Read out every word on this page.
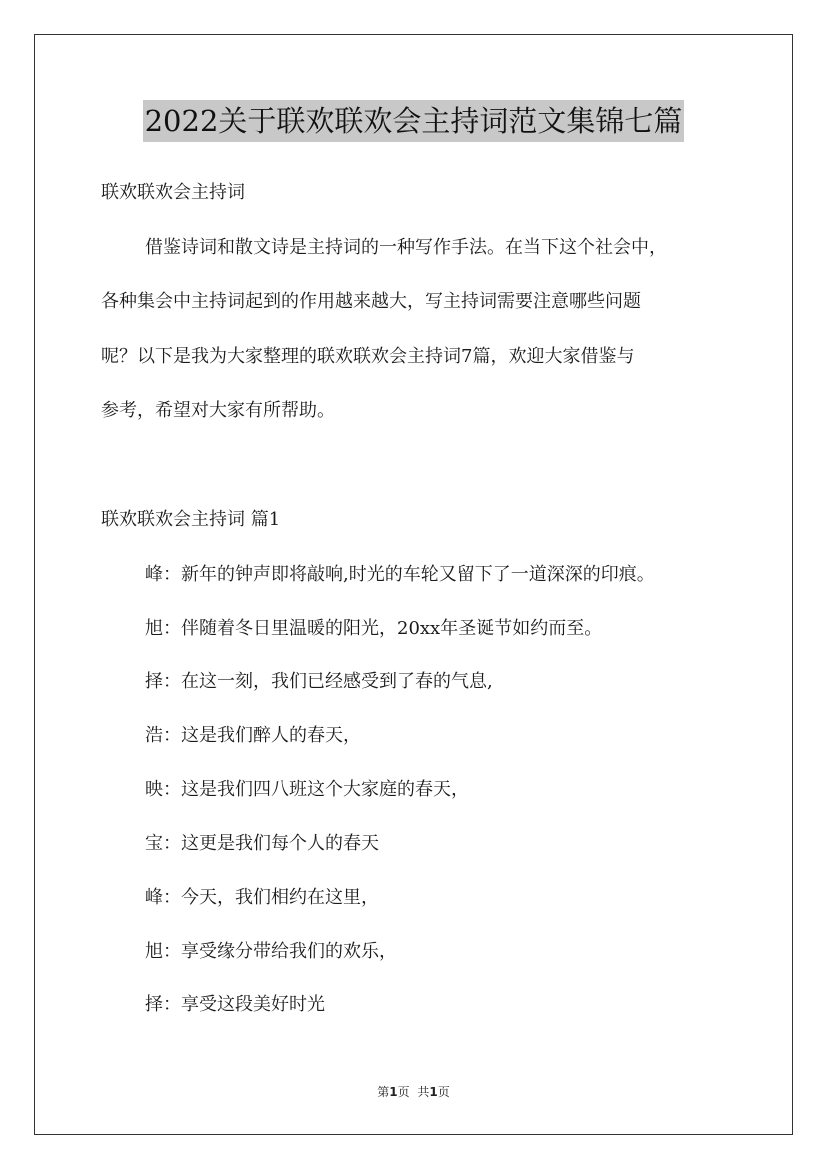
2022关于联欢联欢会主持词范文集锦七篇
联欢联欢会主持词
借鉴诗词和散文诗是主持词的一种写作手法。在当下这个社会中，
各种集会中主持词起到的作用越来越大，写主持词需要注意哪些问题
呢？以下是我为大家整理的联欢联欢会主持词7篇，欢迎大家借鉴与
参考，希望对大家有所帮助。
联欢联欢会主持词 篇1
峰：新年的钟声即将敲响,时光的车轮又留下了一道深深的印痕。
旭：伴随着冬日里温暖的阳光，20xx年圣诞节如约而至。
择：在这一刻，我们已经感受到了春的气息,
浩：这是我们醉人的春天，
映：这是我们四八班这个大家庭的春天，
宝：这更是我们每个人的春天
峰：今天，我们相约在这里，
旭：享受缘分带给我们的欢乐，
择：享受这段美好时光
第1页 共1页
